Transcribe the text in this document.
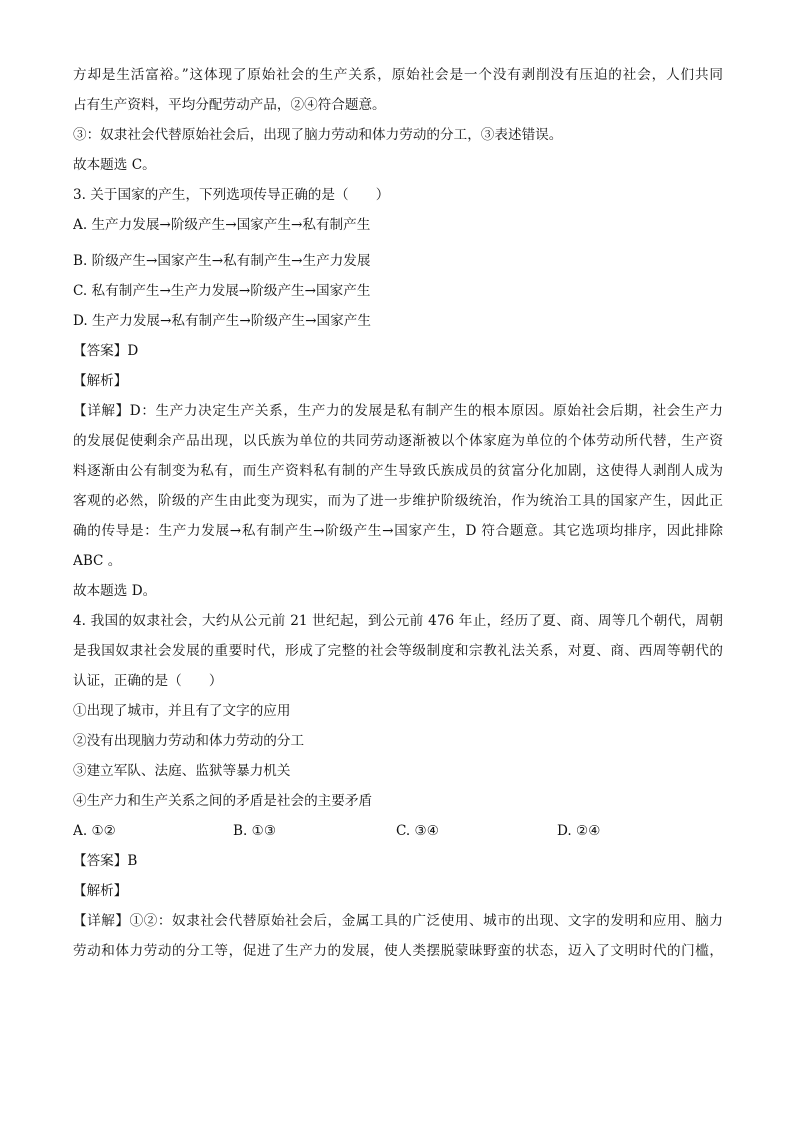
方却是生活富裕。”这体现了原始社会的生产关系，原始社会是一个没有剥削没有压迫的社会，人们共同
占有生产资料，平均分配劳动产品，②④符合题意。
③：奴隶社会代替原始社会后，出现了脑力劳动和体力劳动的分工，③表述错误。
故本题选 C。
3. 关于国家的产生，下列选项传导正确的是（　　）
A. 生产力发展→阶级产生→国家产生→私有制产生
B. 阶级产生→国家产生→私有制产生→生产力发展
C. 私有制产生→生产力发展→阶级产生→国家产生
D. 生产力发展→私有制产生→阶级产生→国家产生
【答案】D
【解析】
【详解】D：生产力决定生产关系，生产力的发展是私有制产生的根本原因。原始社会后期，社会生产力
的发展促使剩余产品出现，以氏族为单位的共同劳动逐渐被以个体家庭为单位的个体劳动所代替，生产资
料逐渐由公有制变为私有，而生产资料私有制的产生导致氏族成员的贫富分化加剧，这使得人剥削人成为
客观的必然，阶级的产生由此变为现实，而为了进一步维护阶级统治，作为统治工具的国家产生，因此正
确的传导是：生产力发展→私有制产生→阶级产生→国家产生，D 符合题意。其它选项均排序，因此排除
ABC 。
故本题选 D。
4. 我国的奴隶社会，大约从公元前 21 世纪起，到公元前 476 年止，经历了夏、商、周等几个朝代，周朝
是我国奴隶社会发展的重要时代，形成了完整的社会等级制度和宗教礼法关系，对夏、商、西周等朝代的
认证，正确的是（　　）
①出现了城市，并且有了文字的应用
②没有出现脑力劳动和体力劳动的分工
③建立军队、法庭、监狱等暴力机关
④生产力和生产关系之间的矛盾是社会的主要矛盾
A. ①②	B. ①③	C. ③④	D. ②④
【答案】B
【解析】
【详解】①②：奴隶社会代替原始社会后，金属工具的广泛使用、城市的出现、文字的发明和应用、脑力
劳动和体力劳动的分工等，促进了生产力的发展，使人类摆脱蒙昧野蛮的状态，迈入了文明时代的门槛，
